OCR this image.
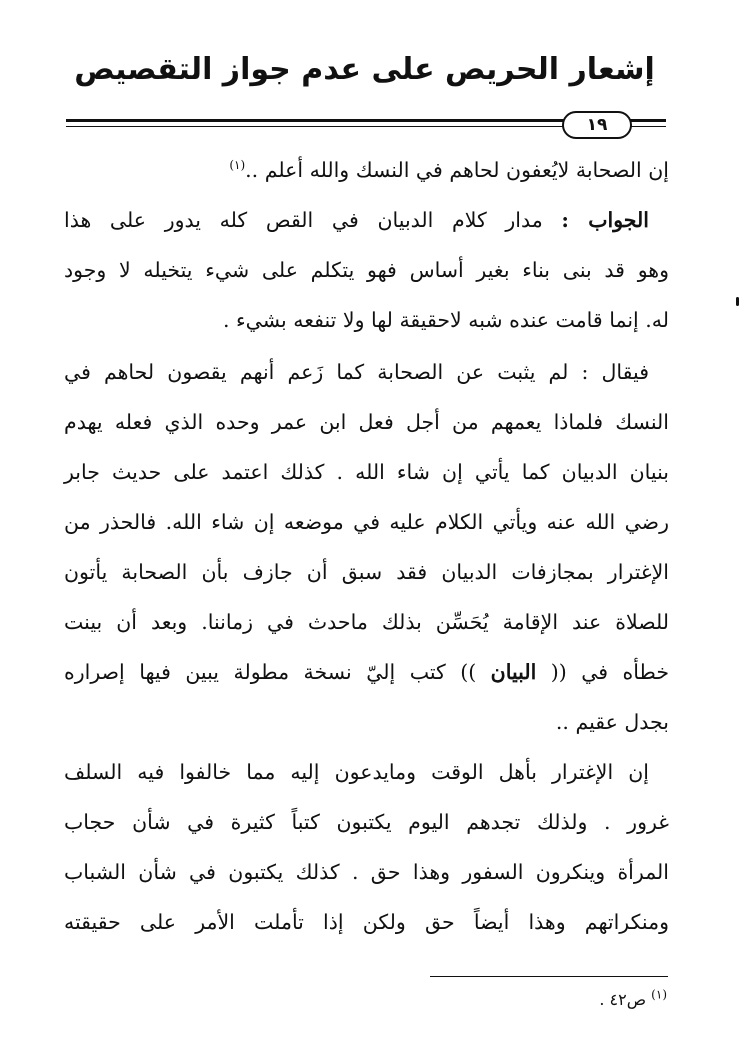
إشعار الحريص على عدم جواز التقصيص
١٩
إن الصحابة لايُعفون لحاهم في النسك والله أعلم ..$^{(١)}$
الجواب : مدار كلام الدبيان في القص كله يدور على هذا
وهو قد بنى بناء بغير أساس فهو يتكلم على شيء يتخيله لا وجود
له. إنما قامت عنده شبه لاحقيقة لها ولا تنفعه بشيء .
فيقال : لم يثبت عن الصحابة كما زَعم أنهم يقصون لحاهم في
النسك فلماذا يعمهم من أجل فعل ابن عمر وحده الذي فعله يهدم
بنيان الدبيان كما يأتي إن شاء الله . كذلك اعتمد على حديث جابر
رضي الله عنه ويأتي الكلام عليه في موضعه إن شاء الله. فالحذر من
الإغترار بمجازفات الدبيان فقد سبق أن جازف بأن الصحابة يأتون
للصلاة عند الإقامة يُحَسِّن بذلك ماحدث في زماننا. وبعد أن بينت
خطأه في (( البيان )) كتب إليّ نسخة مطولة يبين فيها إصراره
بجدل عقيم ..
إن الإغترار بأهل الوقت ومايدعون إليه مما خالفوا فيه السلف
غرور . ولذلك تجدهم اليوم يكتبون كتباً كثيرة في شأن حجاب
المرأة وينكرون السفور وهذا حق . كذلك يكتبون في شأن الشباب
ومنكراتهم وهذا أيضاً حق ولكن إذا تأملت الأمر على حقيقته
$^{(١)}$ ص٤٢ .
